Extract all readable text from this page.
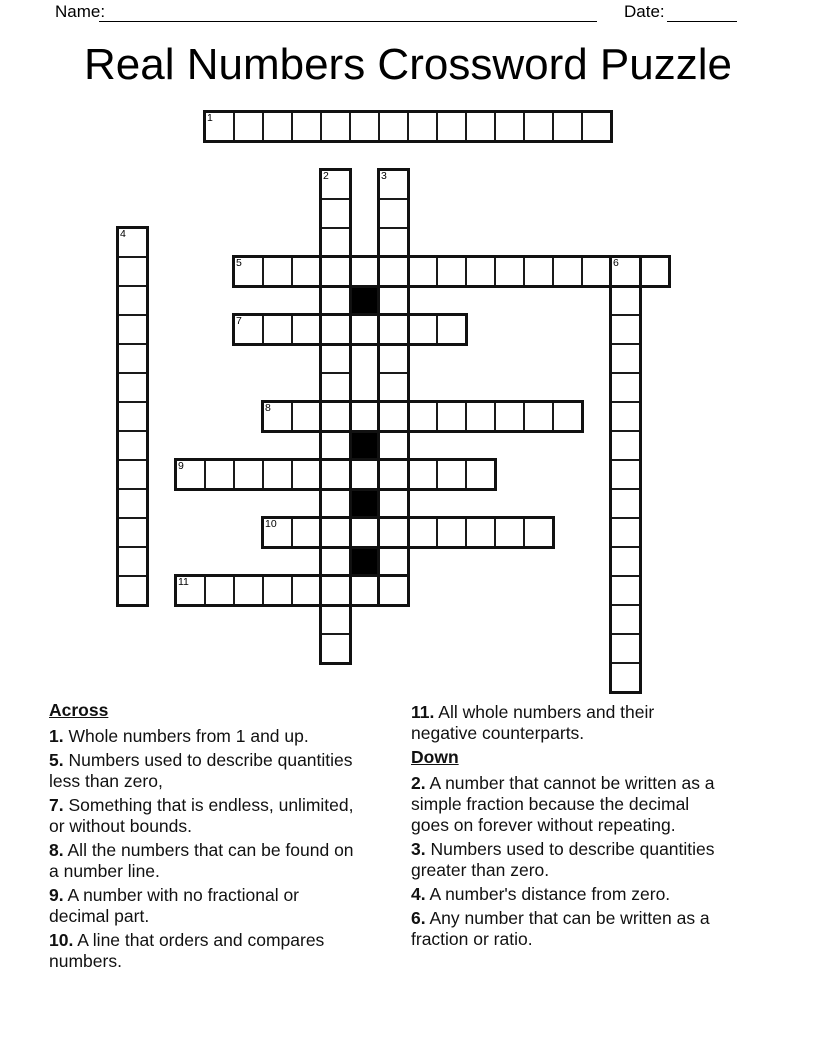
Name:	Date:
Real Numbers Crossword Puzzle
1
5	6
7
8
9
10
11
2	3
4
Across
1. Whole numbers from 1 and up.
5. Numbers used to describe quantities less than zero,
7. Something that is endless, unlimited, or without bounds.
8. All the numbers that can be found on a number line.
9. A number with no fractional or decimal part.
10. A line that orders and compares numbers.
11. All whole numbers and their negative counterparts.
Down
2. A number that cannot be written as a simple fraction because the decimal goes on forever without repeating.
3. Numbers used to describe quantities greater than zero.
4. A number's distance from zero.
6. Any number that can be written as a fraction or ratio.
